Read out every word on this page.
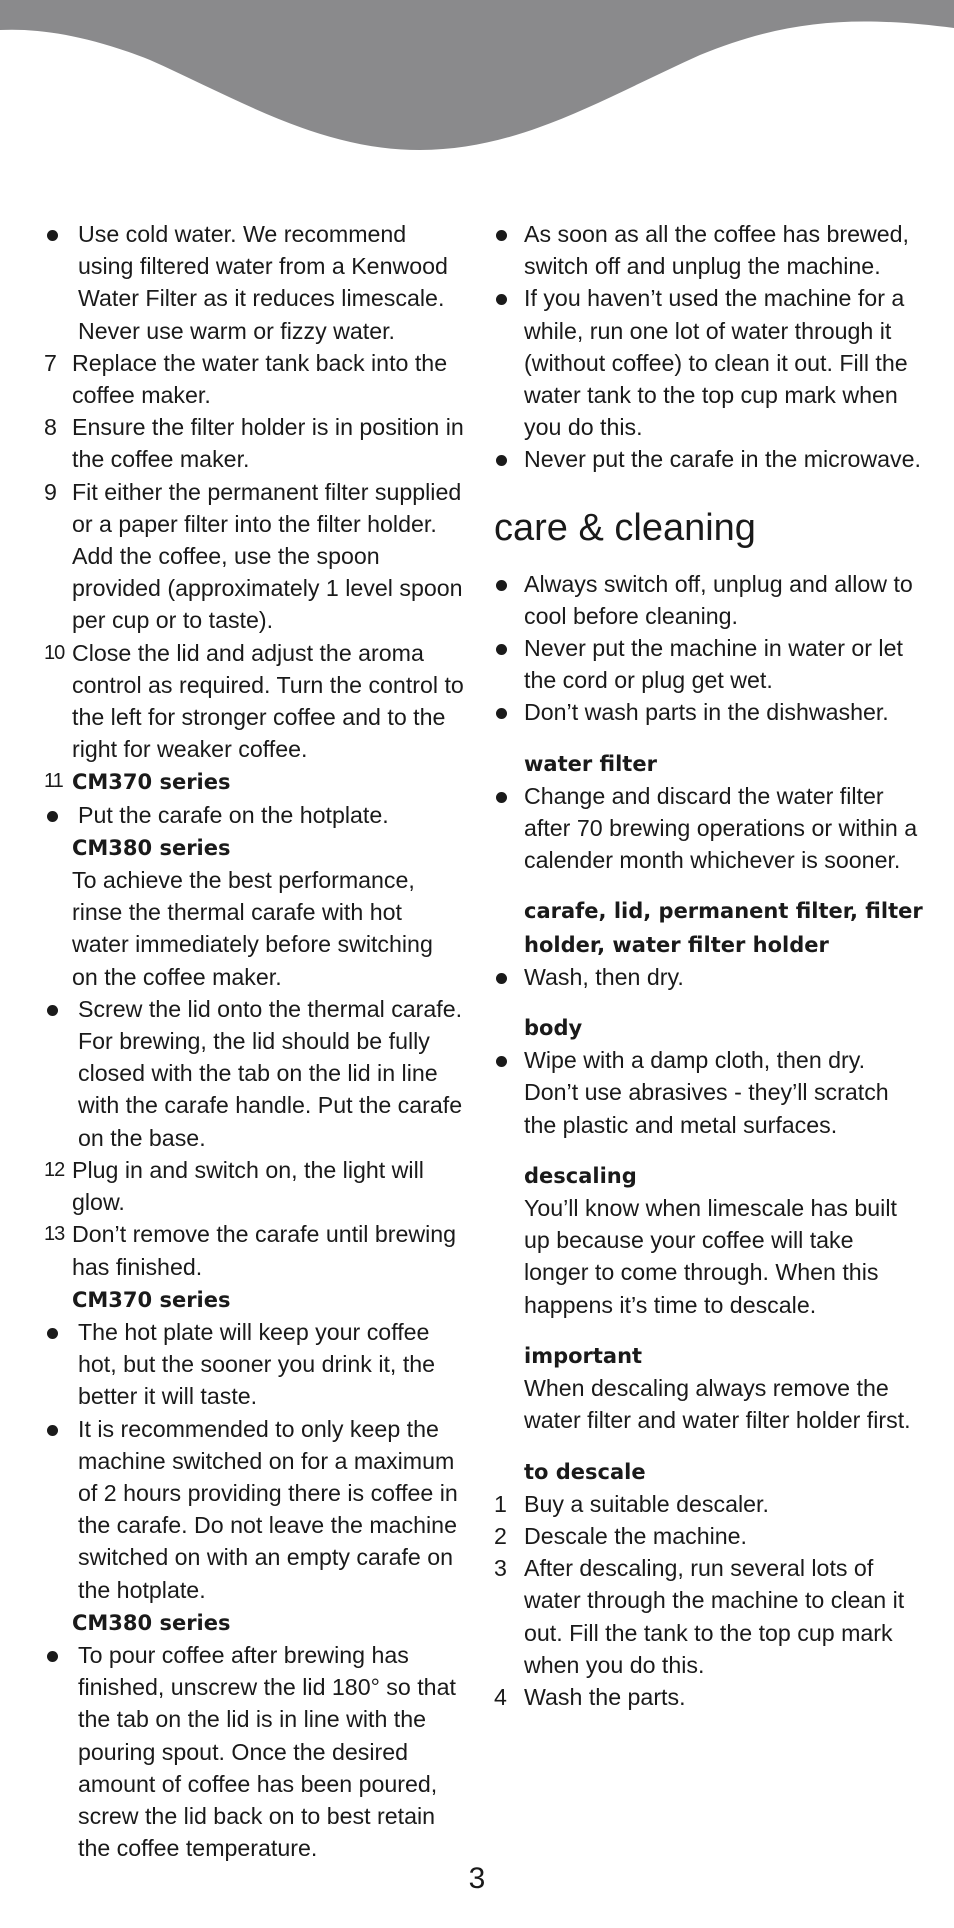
Use cold water. We recommend using filtered water from a Kenwood Water Filter as it reduces limescale. Never use warm or fizzy water.
7 Replace the water tank back into the coffee maker.
8 Ensure the filter holder is in position in the coffee maker.
9 Fit either the permanent filter supplied or a paper filter into the filter holder. Add the coffee, use the spoon provided (approximately 1 level spoon per cup or to taste).
10 Close the lid and adjust the aroma control as required. Turn the control to the left for stronger coffee and to the right for weaker coffee.
11 CM370 series
Put the carafe on the hotplate.
CM380 series
To achieve the best performance, rinse the thermal carafe with hot water immediately before switching on the coffee maker.
Screw the lid onto the thermal carafe. For brewing, the lid should be fully closed with the tab on the lid in line with the carafe handle. Put the carafe on the base.
12 Plug in and switch on, the light will glow.
13 Don’t remove the carafe until brewing has finished.
CM370 series
The hot plate will keep your coffee hot, but the sooner you drink it, the better it will taste.
It is recommended to only keep the machine switched on for a maximum of 2 hours providing there is coffee in the carafe. Do not leave the machine switched on with an empty carafe on the hotplate.
CM380 series
To pour coffee after brewing has finished, unscrew the lid 180° so that the tab on the lid is in line with the pouring spout. Once the desired amount of coffee has been poured, screw the lid back on to best retain the coffee temperature.
As soon as all the coffee has brewed, switch off and unplug the machine.
If you haven’t used the machine for a while, run one lot of water through it (without coffee) to clean it out. Fill the water tank to the top cup mark when you do this.
Never put the carafe in the microwave.
care & cleaning
Always switch off, unplug and allow to cool before cleaning.
Never put the machine in water or let the cord or plug get wet.
Don’t wash parts in the dishwasher.
water filter
Change and discard the water filter after 70 brewing operations or within a calender month whichever is sooner.
carafe, lid, permanent filter, filter holder, water filter holder
Wash, then dry.
body
Wipe with a damp cloth, then dry. Don’t use abrasives - they’ll scratch the plastic and metal surfaces.
descaling
You’ll know when limescale has built up because your coffee will take longer to come through. When this happens it’s time to descale.
important
When descaling always remove the water filter and water filter holder first.
to descale
1 Buy a suitable descaler.
2 Descale the machine.
3 After descaling, run several lots of water through the machine to clean it out. Fill the tank to the top cup mark when you do this.
4 Wash the parts.
3
